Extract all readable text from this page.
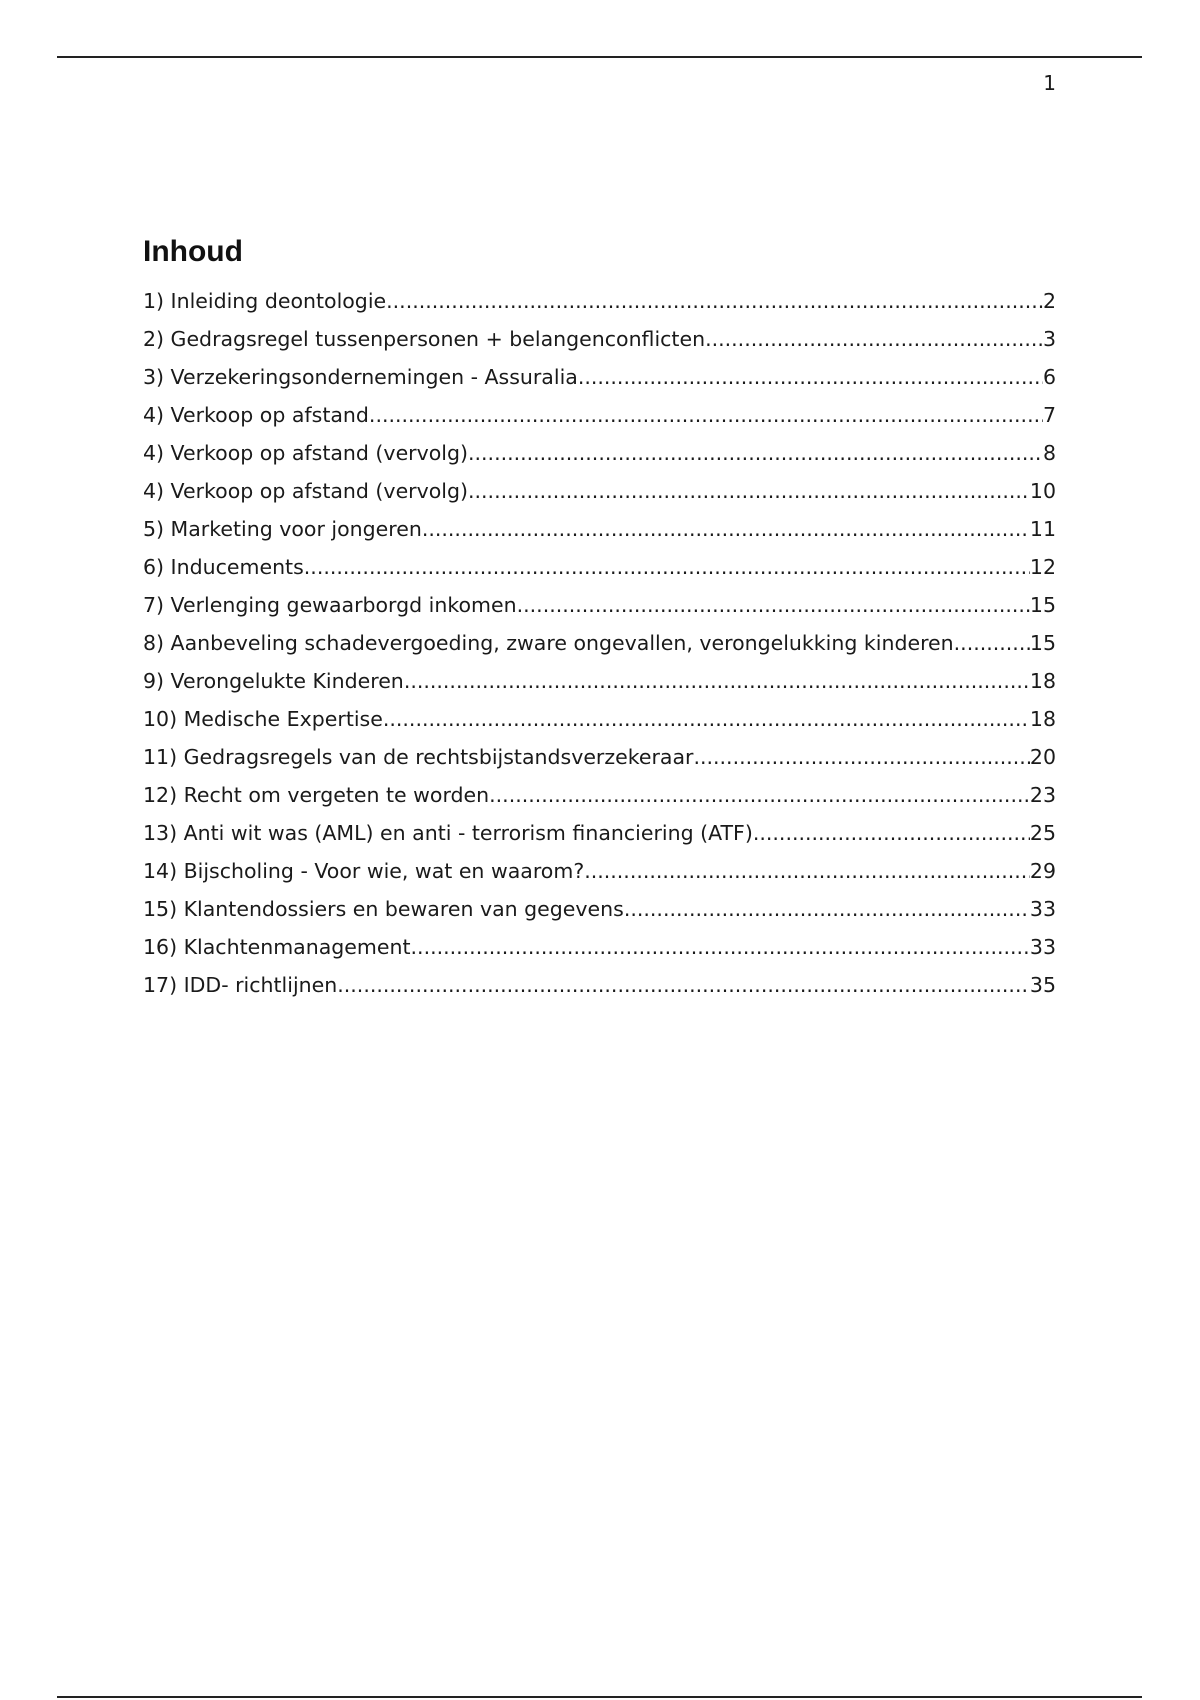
1
Inhoud
1) Inleiding deontologie .....	2
2) Gedragsregel tussenpersonen + belangenconflicten .....	3
3) Verzekeringsondernemingen - Assuralia .....	6
4) Verkoop op afstand .....	7
4) Verkoop op afstand (vervolg) .....	8
4) Verkoop op afstand (vervolg) .....	10
5) Marketing voor jongeren .....	11
6) Inducements .....	12
7) Verlenging gewaarborgd inkomen .....	15
8) Aanbeveling schadevergoeding, zware ongevallen, verongelukking kinderen .....	15
9) Verongelukte Kinderen .....	18
10) Medische Expertise .....	18
11) Gedragsregels van de rechtsbijstandsverzekeraar .....	20
12) Recht om vergeten te worden .....	23
13) Anti wit was (AML) en anti - terrorism financiering (ATF) .....	25
14) Bijscholing - Voor wie, wat en waarom? .....	29
15) Klantendossiers en bewaren van gegevens .....	33
16) Klachtenmanagement .....	33
17) IDD- richtlijnen .....	35
